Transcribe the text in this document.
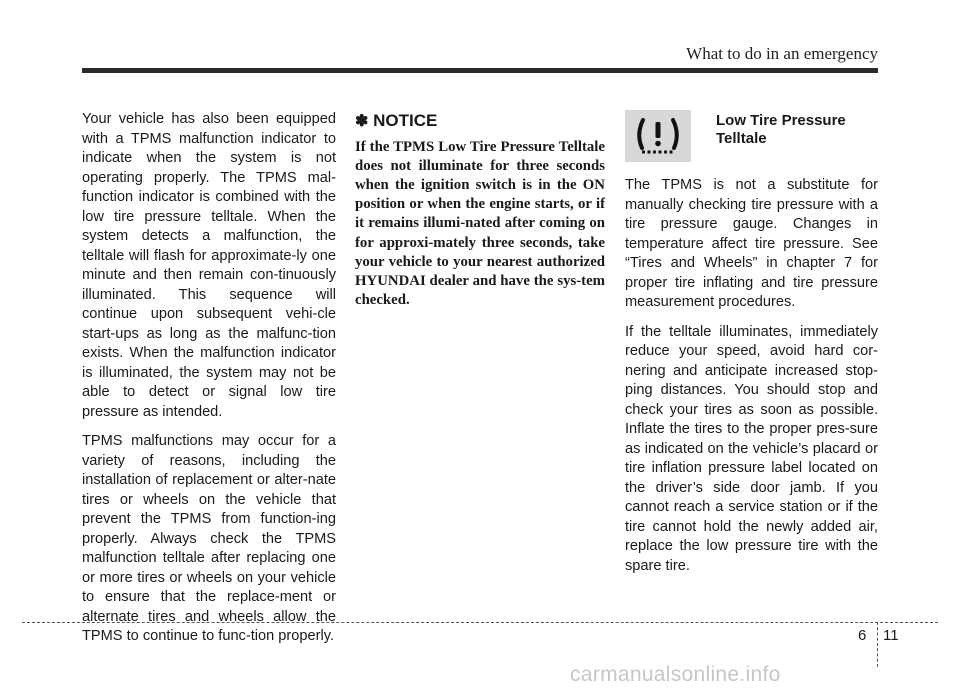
What to do in an emergency

Your vehicle has also been equipped with a TPMS malfunction indicator to indicate when the system is not operating properly. The TPMS mal-function indicator is combined with the low tire pressure telltale. When the system detects a malfunction, the telltale will flash for approximate-ly one minute and then remain con-tinuously illuminated. This sequence will continue upon subsequent vehi-cle start-ups as long as the malfunc-tion exists. When the malfunction indicator is illuminated, the system may not be able to detect or signal low tire pressure as intended.

TPMS malfunctions may occur for a variety of reasons, including the installation of replacement or alter-nate tires or wheels on the vehicle that prevent the TPMS from function-ing properly. Always check the TPMS malfunction telltale after replacing one or more tires or wheels on your vehicle to ensure that the replace-ment or alternate tires and wheels allow the TPMS to continue to func-tion properly.

✽ NOTICE

If the TPMS Low Tire Pressure Telltale does not illuminate for three seconds when the ignition switch is in the ON position or when the engine starts, or if it remains illumi-nated after coming on for approxi-mately three seconds, take your vehicle to your nearest authorized HYUNDAI dealer and have the sys-tem checked.

Low Tire Pressure
Telltale

The TPMS is not a substitute for manually checking tire pressure with a tire pressure gauge. Changes in temperature affect tire pressure. See “Tires and Wheels” in chapter 7 for proper tire inflating and tire pressure measurement procedures.

If the telltale illuminates, immediately reduce your speed, avoid hard cor-nering and anticipate increased stop-ping distances. You should stop and check your tires as soon as possible. Inflate the tires to the proper pres-sure as indicated on the vehicle’s placard or tire inflation pressure label located on the driver’s side door jamb. If you cannot reach a service station or if the tire cannot hold the newly added air, replace the low pressure tire with the spare tire.

6 11
carmanualsonline.info
